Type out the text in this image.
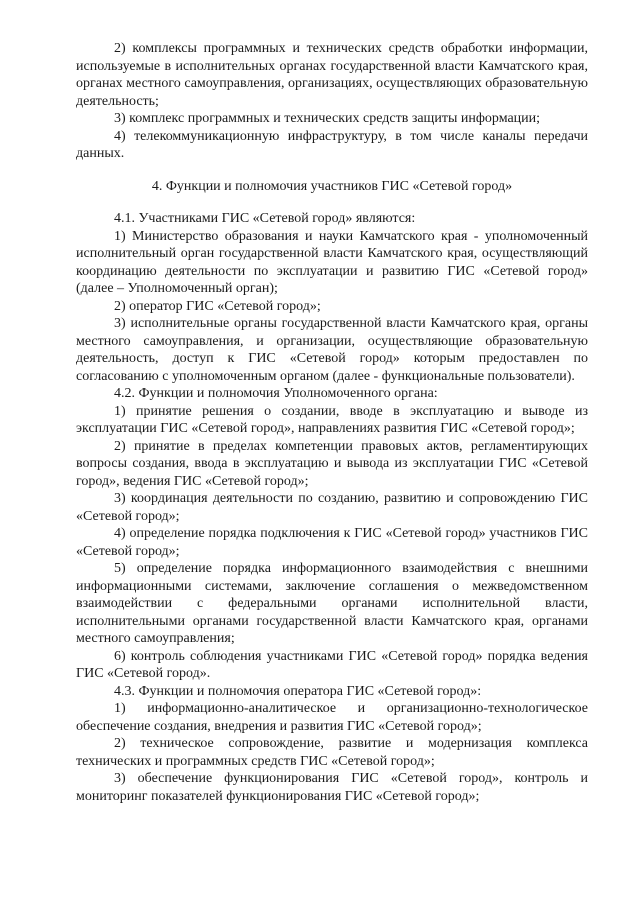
2) комплексы программных и технических средств обработки информации, используемые в исполнительных органах государственной власти Камчатского края, органах местного самоуправления, организациях, осуществляющих образовательную деятельность;

3) комплекс программных и технических средств защиты информации;

4) телекоммуникационную инфраструктуру, в том числе каналы передачи данных.

4. Функции и полномочия участников ГИС «Сетевой город»

4.1. Участниками ГИС «Сетевой город» являются:

1) Министерство образования и науки Камчатского края - уполномоченный исполнительный орган государственной власти Камчатского края, осуществляющий координацию деятельности по эксплуатации и развитию ГИС «Сетевой город» (далее – Уполномоченный орган);

2) оператор ГИС «Сетевой город»;

3) исполнительные органы государственной власти Камчатского края, органы местного самоуправления, и организации, осуществляющие образовательную деятельность, доступ к ГИС «Сетевой город» которым предоставлен по согласованию с уполномоченным органом (далее - функциональные пользователи).

4.2. Функции и полномочия Уполномоченного органа:

1) принятие решения о создании, вводе в эксплуатацию и выводе из эксплуатации ГИС «Сетевой город», направлениях развития ГИС «Сетевой город»;

2) принятие в пределах компетенции правовых актов, регламентирующих вопросы создания, ввода в эксплуатацию и вывода из эксплуатации ГИС «Сетевой город», ведения ГИС «Сетевой город»;

3) координация деятельности по созданию, развитию и сопровождению ГИС «Сетевой город»;

4) определение порядка подключения к ГИС «Сетевой город» участников ГИС «Сетевой город»;

5) определение порядка информационного взаимодействия с внешними информационными системами, заключение соглашения о межведомственном взаимодействии с федеральными органами исполнительной власти, исполнительными органами государственной власти Камчатского края, органами местного самоуправления;

6) контроль соблюдения участниками ГИС «Сетевой город» порядка ведения ГИС «Сетевой город».

4.3. Функции и полномочия оператора ГИС «Сетевой город»:

1) информационно-аналитическое и организационно-технологическое обеспечение создания, внедрения и развития ГИС «Сетевой город»;

2) техническое сопровождение, развитие и модернизация комплекса технических и программных средств ГИС «Сетевой город»;

3) обеспечение функционирования ГИС «Сетевой город», контроль и мониторинг показателей функционирования ГИС «Сетевой город»;
